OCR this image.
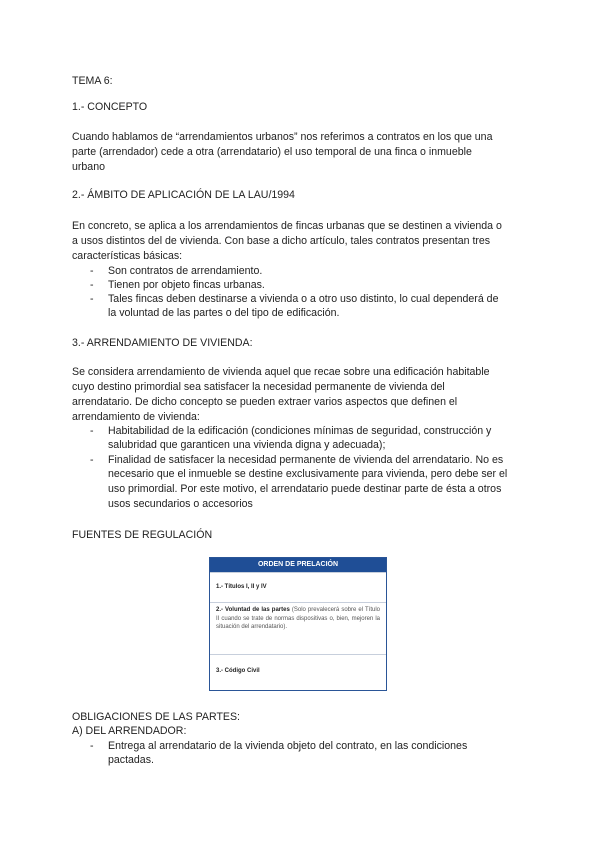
TEMA 6:

1.- CONCEPTO

Cuando hablamos de “arrendamientos urbanos” nos referimos a contratos en los que una

parte (arrendador) cede a otra (arrendatario) el uso temporal de una finca o inmueble

urbano

2.- ÁMBITO DE APLICACIÓN DE LA LAU/1994

En concreto, se aplica a los arrendamientos de fincas urbanas que se destinen a vivienda o

a usos distintos del de vivienda. Con base a dicho artículo, tales contratos presentan tres

características básicas:

- Son contratos de arrendamiento.

- Tienen por objeto fincas urbanas.

- Tales fincas deben destinarse a vivienda o a otro uso distinto, lo cual dependerá de

la voluntad de las partes o del tipo de edificación.

3.- ARRENDAMIENTO DE VIVIENDA:

Se considera arrendamiento de vivienda aquel que recae sobre una edificación habitable

cuyo destino primordial sea satisfacer la necesidad permanente de vivienda del

arrendatario. De dicho concepto se pueden extraer varios aspectos que definen el

arrendamiento de vivienda:

- Habitabilidad de la edificación (condiciones mínimas de seguridad, construcción y

salubridad que garanticen una vivienda digna y adecuada);

- Finalidad de satisfacer la necesidad permanente de vivienda del arrendatario. No es

necesario que el inmueble se destine exclusivamente para vivienda, pero debe ser el

uso primordial. Por este motivo, el arrendatario puede destinar parte de ésta a otros

usos secundarios o accesorios

FUENTES DE REGULACIÓN

ORDEN DE PRELACIÓN
1.- Títulos I, II y IV
2.- Voluntad de las partes (Solo prevalecerá sobre el Título II cuando se trate de normas dispositivas o, bien, mejoren la situación del arrendatario).
3.- Código Civil

OBLIGACIONES DE LAS PARTES:

A) DEL ARRENDADOR:

- Entrega al arrendatario de la vivienda objeto del contrato, en las condiciones

pactadas.
